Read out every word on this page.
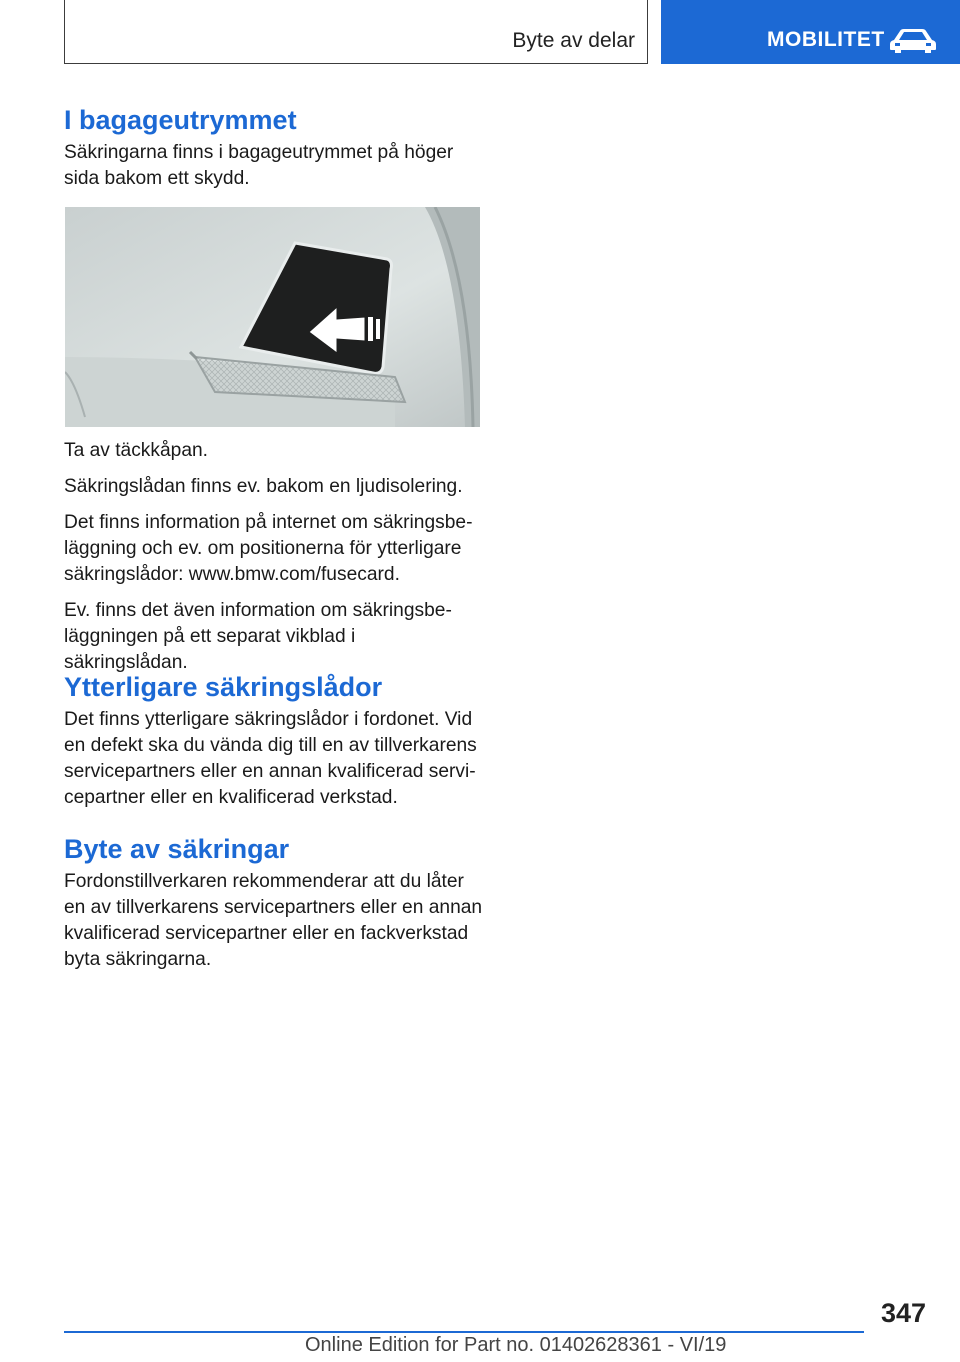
Byte av delar	MOBILITET
I bagageutrymmet

Säkringarna finns i bagageutrymmet på höger sida bakom ett skydd.

Ta av täckkåpan.

Säkringslådan finns ev. bakom en ljudisolering.

Det finns information på internet om säkringsbe-läggning och ev. om positionerna för ytterligare säkringslådor: www.bmw.com/fusecard.

Ev. finns det även information om säkringsbe-läggningen på ett separat vikblad i säkringslådan.

Ytterligare säkringslådor

Det finns ytterligare säkringslådor i fordonet. Vid en defekt ska du vända dig till en av tillverkarens servicepartners eller en annan kvalificerad servi-cepartner eller en kvalificerad verkstad.

Byte av säkringar

Fordonstillverkaren rekommenderar att du låter en av tillverkarens servicepartners eller en annan kvalificerad servicepartner eller en fackverkstad byta säkringarna.

347
Online Edition for Part no. 01402628361 - VI/19
